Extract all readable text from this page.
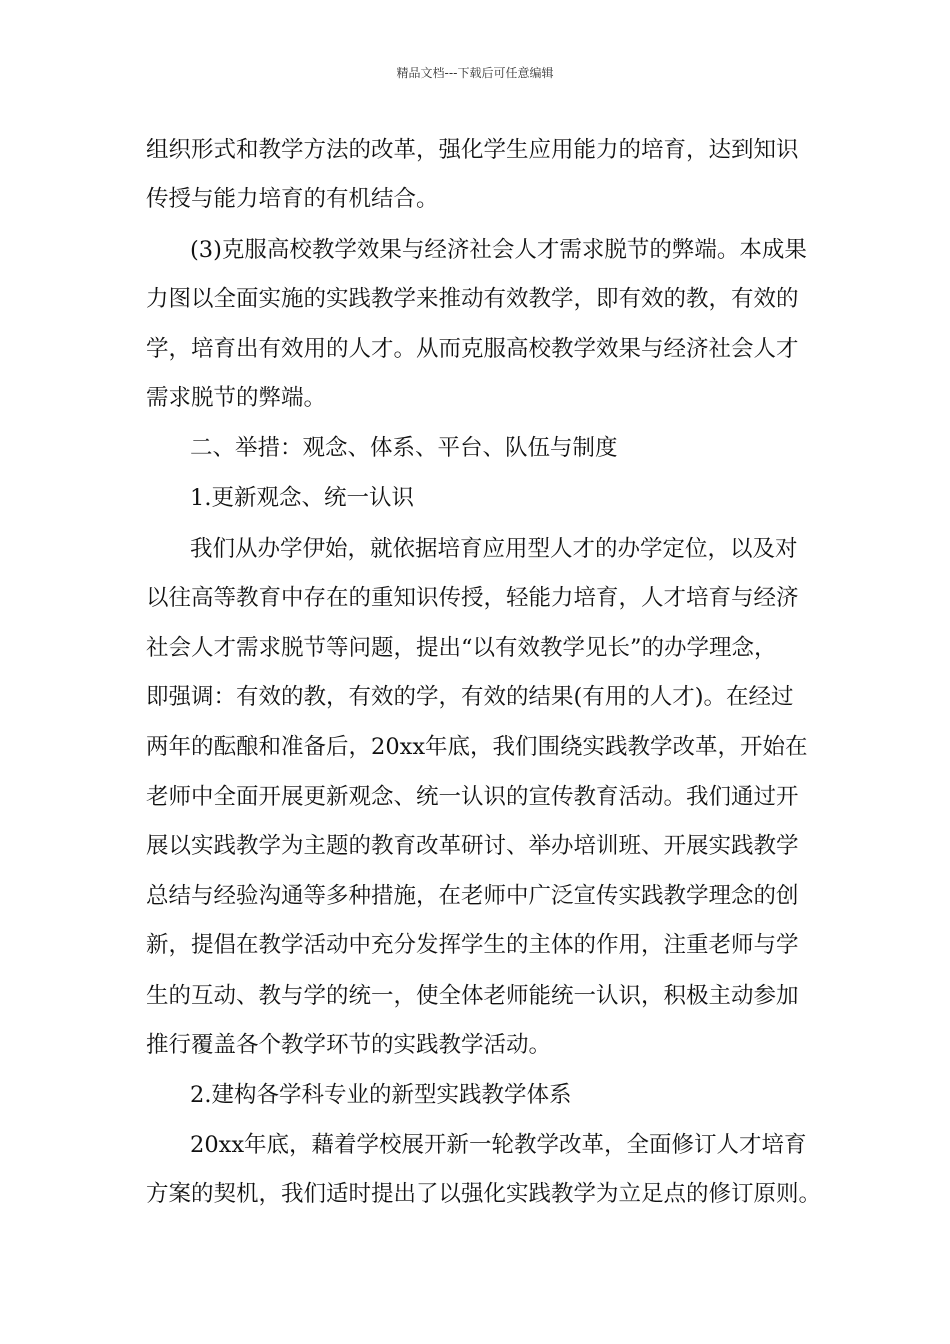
精品文档---下载后可任意编辑
组织形式和教学方法的改革，强化学生应用能力的培育，达到知识
传授与能力培育的有机结合。
(3)克服高校教学效果与经济社会人才需求脱节的弊端。本成果
力图以全面实施的实践教学来推动有效教学，即有效的教，有效的
学，培育出有效用的人才。从而克服高校教学效果与经济社会人才
需求脱节的弊端。
二、举措：观念、体系、平台、队伍与制度
1.更新观念、统一认识
我们从办学伊始，就依据培育应用型人才的办学定位，以及对
以往高等教育中存在的重知识传授，轻能力培育，人才培育与经济
社会人才需求脱节等问题，提出“以有效教学见长”的办学理念，
即强调：有效的教，有效的学，有效的结果(有用的人才)。在经过
两年的酝酿和准备后，20xx年底，我们围绕实践教学改革，开始在
老师中全面开展更新观念、统一认识的宣传教育活动。我们通过开
展以实践教学为主题的教育改革研讨、举办培训班、开展实践教学
总结与经验沟通等多种措施，在老师中广泛宣传实践教学理念的创
新，提倡在教学活动中充分发挥学生的主体的作用，注重老师与学
生的互动、教与学的统一，使全体老师能统一认识，积极主动参加
推行覆盖各个教学环节的实践教学活动。
2.建构各学科专业的新型实践教学体系
20xx年底，藉着学校展开新一轮教学改革，全面修订人才培育
方案的契机，我们适时提出了以强化实践教学为立足点的修订原则。
